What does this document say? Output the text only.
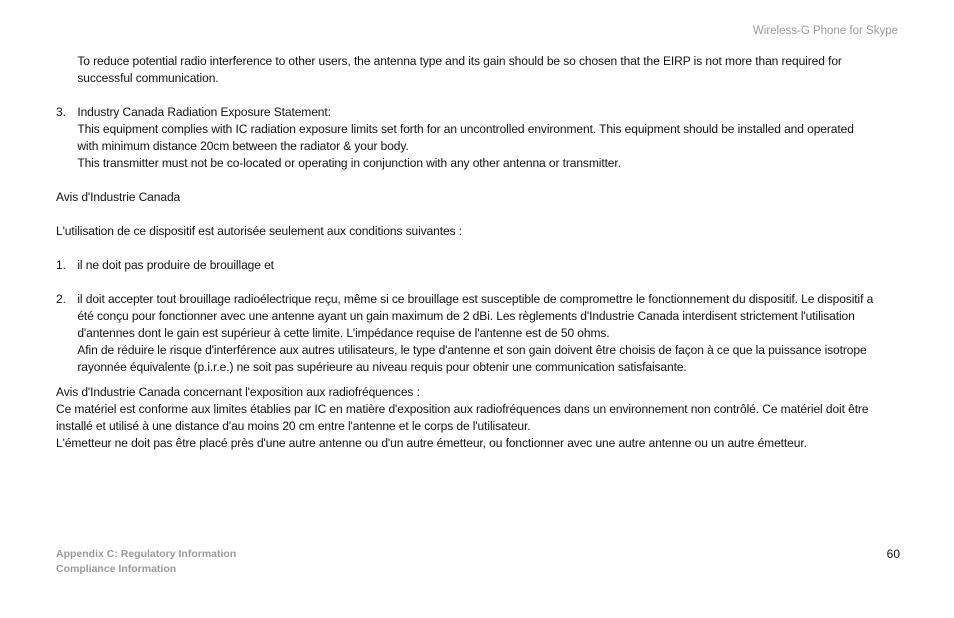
Wireless-G Phone for Skype

To reduce potential radio interference to other users, the antenna type and its gain should be so chosen that the EIRP is not more than required for successful communication.

3. Industry Canada Radiation Exposure Statement:

This equipment complies with IC radiation exposure limits set forth for an uncontrolled environment. This equipment should be installed and operated with minimum distance 20cm between the radiator & your body.

This transmitter must not be co-located or operating in conjunction with any other antenna or transmitter.

Avis d'Industrie Canada

L'utilisation de ce dispositif est autorisée seulement aux conditions suivantes :

1. il ne doit pas produire de brouillage et

2. il doit accepter tout brouillage radioélectrique reçu, même si ce brouillage est susceptible de compromettre le fonctionnement du dispositif. Le dispositif a été conçu pour fonctionner avec une antenne ayant un gain maximum de 2 dBi. Les règlements d'Industrie Canada interdisent strictement l'utilisation d'antennes dont le gain est supérieur à cette limite. L'impédance requise de l'antenne est de 50 ohms.

Afin de réduire le risque d'interférence aux autres utilisateurs, le type d'antenne et son gain doivent être choisis de façon à ce que la puissance isotrope rayonnée équivalente (p.i.r.e.) ne soit pas supérieure au niveau requis pour obtenir une communication satisfaisante.

Avis d'Industrie Canada concernant l'exposition aux radiofréquences :

Ce matériel est conforme aux limites établies par IC en matière d'exposition aux radiofréquences dans un environnement non contrôlé. Ce matériel doit être installé et utilisé à une distance d'au moins 20 cm entre l'antenne et le corps de l'utilisateur.

L'émetteur ne doit pas être placé près d'une autre antenne ou d'un autre émetteur, ou fonctionner avec une autre antenne ou un autre émetteur.

Appendix C: Regulatory Information
Compliance Information
60
